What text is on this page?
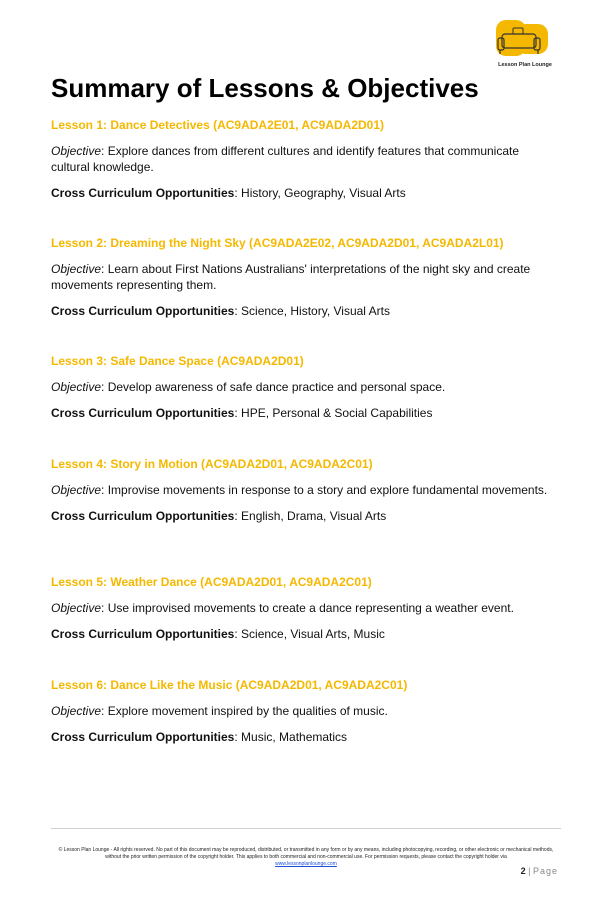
Lesson Plan Lounge
Summary of Lessons & Objectives

Lesson 1: Dance Detectives (AC9ADA2E01, AC9ADA2D01)

Objective: Explore dances from different cultures and identify features that communicate cultural knowledge.

Cross Curriculum Opportunities: History, Geography, Visual Arts

Lesson 2: Dreaming the Night Sky (AC9ADA2E02, AC9ADA2D01, AC9ADA2L01)

Objective: Learn about First Nations Australians' interpretations of the night sky and create movements representing them.

Cross Curriculum Opportunities: Science, History, Visual Arts

Lesson 3: Safe Dance Space (AC9ADA2D01)

Objective: Develop awareness of safe dance practice and personal space.

Cross Curriculum Opportunities: HPE, Personal & Social Capabilities

Lesson 4: Story in Motion (AC9ADA2D01, AC9ADA2C01)

Objective: Improvise movements in response to a story and explore fundamental movements.

Cross Curriculum Opportunities: English, Drama, Visual Arts

Lesson 5: Weather Dance (AC9ADA2D01, AC9ADA2C01)

Objective: Use improvised movements to create a dance representing a weather event.

Cross Curriculum Opportunities: Science, Visual Arts, Music

Lesson 6: Dance Like the Music (AC9ADA2D01, AC9ADA2C01)

Objective: Explore movement inspired by the qualities of music.

Cross Curriculum Opportunities: Music, Mathematics

© Lesson Plan Lounge - All rights reserved. No part of this document may be reproduced, distributed, or transmitted in any form or by any means, including photocopying, recording, or other electronic or mechanical methods, without the prior written permission of the copyright holder. This applies to both commercial and non-commercial use. For permission requests, please contact the copyright holder via
www.lessonplanlounge.com
2 | Page
